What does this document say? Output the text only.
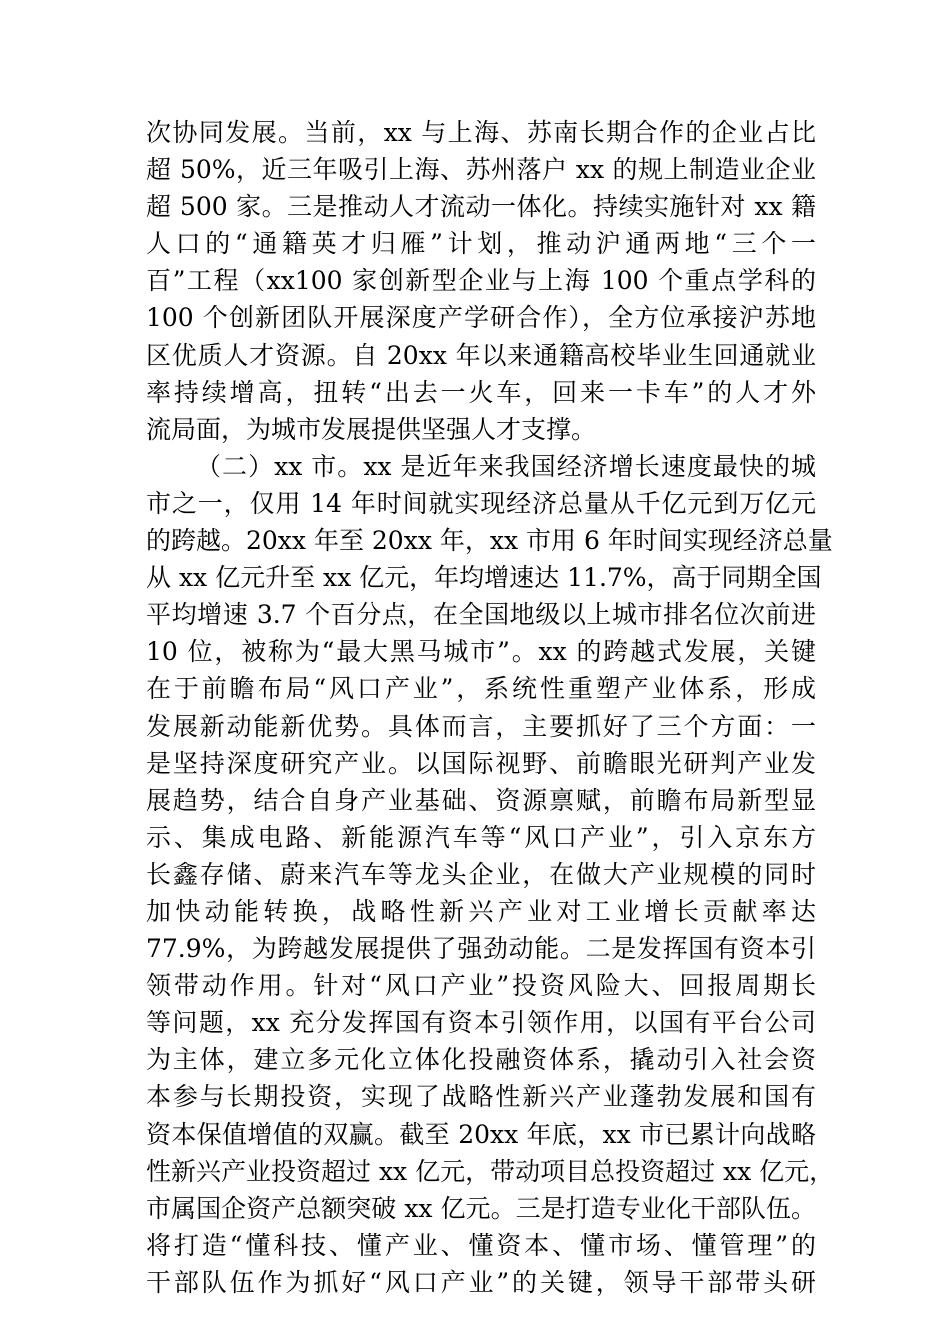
次协同发展。当前，xx 与上海、苏南长期合作的企业占比
超 50%，近三年吸引上海、苏州落户 xx 的规上制造业企业
超 500 家。三是推动人才流动一体化。持续实施针对 xx 籍
人口的“通籍英才归雁”计划，推动沪通两地“三个一
百”工程（xx100 家创新型企业与上海 100 个重点学科的
100 个创新团队开展深度产学研合作），全方位承接沪苏地
区优质人才资源。自 20xx 年以来通籍高校毕业生回通就业
率持续增高，扭转“出去一火车，回来一卡车”的人才外
流局面，为城市发展提供坚强人才支撑。
（二）xx 市。xx 是近年来我国经济增长速度最快的城
市之一，仅用 14 年时间就实现经济总量从千亿元到万亿元
的跨越。20xx 年至 20xx 年，xx 市用 6 年时间实现经济总量
从 xx 亿元升至 xx 亿元，年均增速达 11.7%，高于同期全国
平均增速 3.7 个百分点，在全国地级以上城市排名位次前进
10 位，被称为“最大黑马城市”。xx 的跨越式发展，关键
在于前瞻布局“风口产业”，系统性重塑产业体系，形成
发展新动能新优势。具体而言，主要抓好了三个方面：一
是坚持深度研究产业。以国际视野、前瞻眼光研判产业发
展趋势，结合自身产业基础、资源禀赋，前瞻布局新型显
示、集成电路、新能源汽车等“风口产业”，引入京东方
长鑫存储、蔚来汽车等龙头企业，在做大产业规模的同时
加快动能转换，战略性新兴产业对工业增长贡献率达
77.9%，为跨越发展提供了强劲动能。二是发挥国有资本引
领带动作用。针对“风口产业”投资风险大、回报周期长
等问题，xx 充分发挥国有资本引领作用，以国有平台公司
为主体，建立多元化立体化投融资体系，撬动引入社会资
本参与长期投资，实现了战略性新兴产业蓬勃发展和国有
资本保值增值的双赢。截至 20xx 年底，xx 市已累计向战略
性新兴产业投资超过 xx 亿元，带动项目总投资超过 xx 亿元，
市属国企资产总额突破 xx 亿元。三是打造专业化干部队伍。
将打造“懂科技、懂产业、懂资本、懂市场、懂管理”的
干部队伍作为抓好“风口产业”的关键，领导干部带头研
